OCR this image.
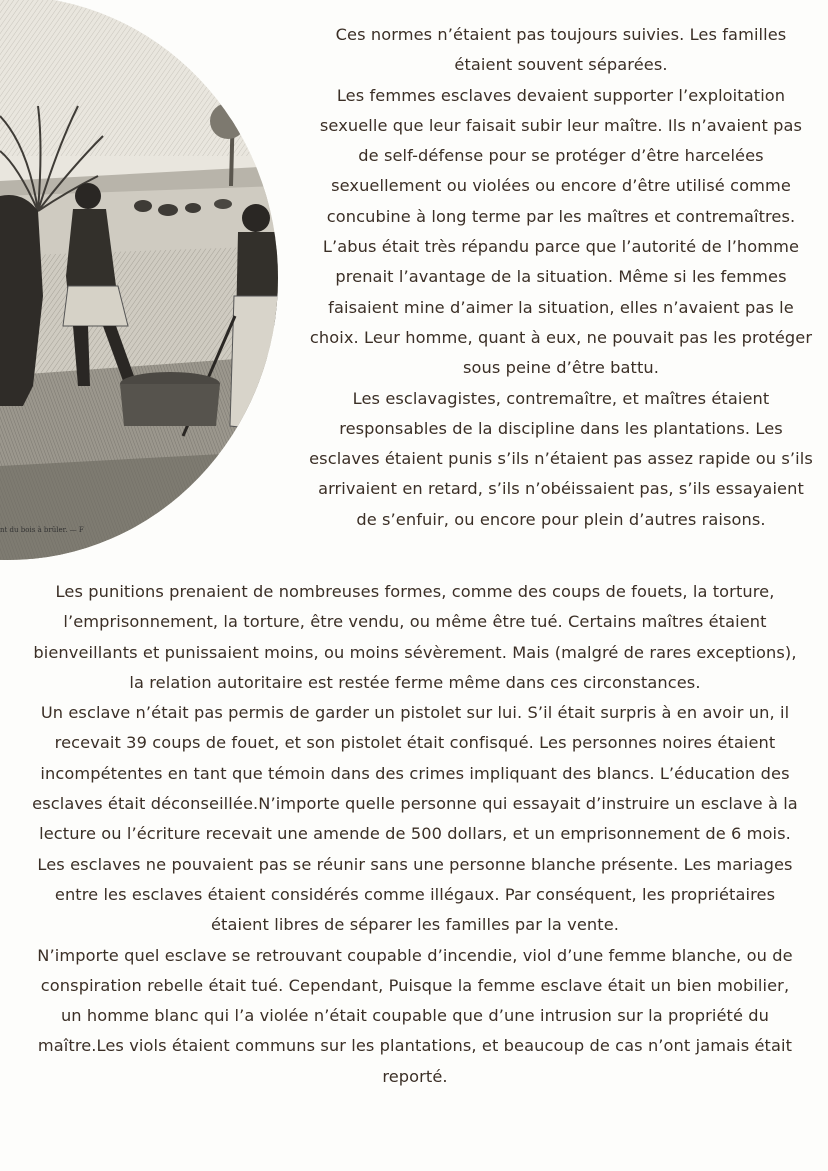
nt du bois à brûler. — F

Ces normes n’étaient pas toujours suivies. Les familles étaient souvent séparées.

Les femmes esclaves devaient supporter l’exploitation sexuelle que leur faisait subir leur maître. Ils n’avaient pas de self-défense pour se protéger d’être harcelées sexuellement ou violées ou encore d’être utilisé comme concubine à long terme par les maîtres et contremaîtres. L’abus était très répandu parce que l’autorité de l’homme prenait l’avantage de la situation. Même si les femmes faisaient mine d’aimer la situation, elles n’avaient pas le choix. Leur homme, quant à eux, ne pouvait pas les protéger sous peine d’être battu.

Les esclavagistes, contremaître, et maîtres étaient responsables de la discipline dans les plantations. Les esclaves étaient punis s’ils n’étaient pas assez rapide ou s’ils arrivaient en retard, s’ils n’obéissaient pas, s’ils essayaient de s’enfuir, ou encore pour plein d’autres raisons.

Les punitions prenaient de nombreuses formes, comme des coups de fouets, la torture, l’emprisonnement, la torture, être vendu, ou même être tué. Certains maîtres étaient bienveillants et punissaient moins, ou moins sévèrement. Mais (malgré de rares exceptions), la relation autoritaire est restée ferme même dans ces circonstances.

Un esclave n’était pas permis de garder un pistolet sur lui. S’il était surpris à en avoir un, il recevait 39 coups de fouet, et son pistolet était confisqué. Les personnes noires étaient incompétentes en tant que témoin dans des crimes impliquant des blancs. L’éducation des esclaves était déconseillée.N’importe quelle personne qui essayait d’instruire un esclave à la lecture ou l’écriture recevait une amende de 500 dollars, et un emprisonnement de 6 mois. Les esclaves ne pouvaient pas se réunir sans une personne blanche présente. Les mariages entre les esclaves étaient considérés comme illégaux. Par conséquent, les propriétaires étaient libres de séparer les familles par la vente.

N’importe quel esclave se retrouvant coupable d’incendie, viol d’une femme blanche, ou de conspiration rebelle était tué. Cependant, Puisque la femme esclave était un bien mobilier, un homme blanc qui l’a violée n’était coupable que d’une intrusion sur la propriété du maître.Les viols étaient communs sur les plantations, et beaucoup de cas n’ont jamais était reporté.
